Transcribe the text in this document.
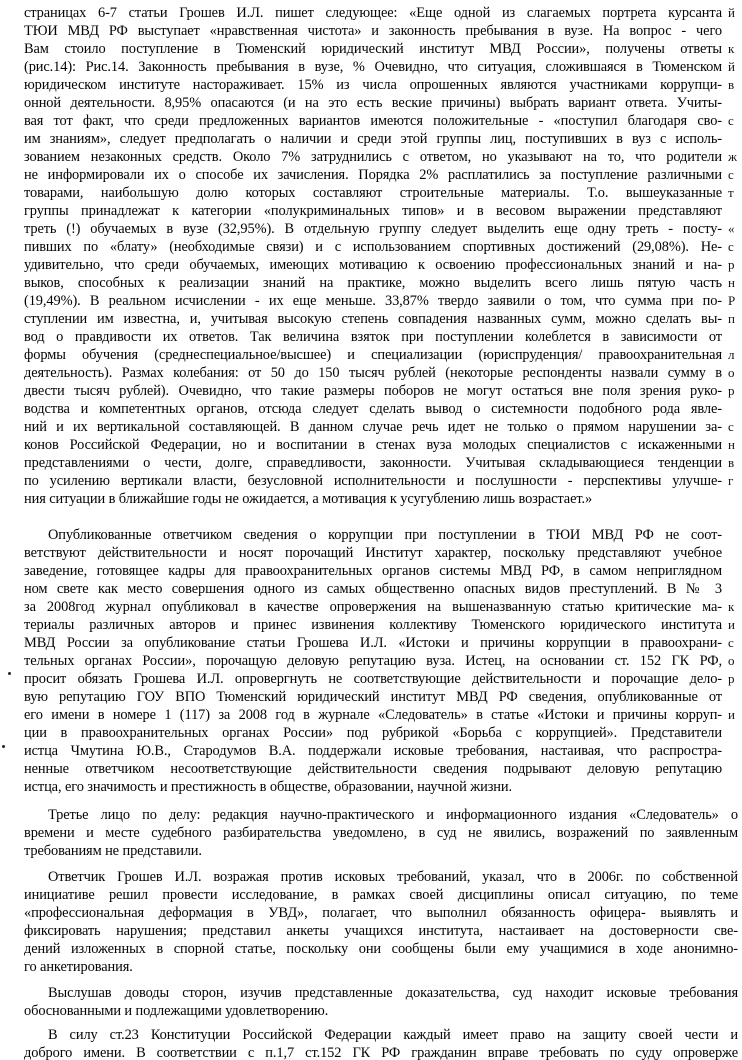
страницах 6-7 статьи Грошев И.Л. пишет следующее: «Еще одной из слагаемых портрета курсанта
ТЮИ МВД РФ выступает «нравственная чистота» и законность пребывания в вузе. На вопрос - чего
Вам стоило поступление в Тюменский юридический институт МВД России», получены ответы
(рис.14): Рис.14. Законность пребывания в вузе, % Очевидно, что ситуация, сложившаяся в Тюменском
юридическом институте настораживает. 15% из числа опрошенных являются участниками коррупци-
онной деятельности. 8,95% опасаются (и на это есть веские причины) выбрать вариант ответа. Учиты-
вая тот факт, что среди предложенных вариантов имеются положительные - «поступил благодаря сво-
им знаниям», следует предполагать о наличии и среди этой группы лиц, поступивших в вуз с исполь-
зованием незаконных средств. Около 7% затруднились с ответом, но указывают на то, что родители
не информировали их о способе их зачисления. Порядка 2% расплатились за поступление различными
товарами, наибольшую долю которых составляют строительные материалы. Т.о. вышеуказанные
группы принадлежат к категории «полукриминальных типов» и в весовом выражении представляют
треть (!) обучаемых в вузе (32,95%). В отдельную группу следует выделить еще одну треть - посту-
пивших по «блату» (необходимые связи) и с использованием спортивных достижений (29,08%). Не-
удивительно, что среди обучаемых, имеющих мотивацию к освоению профессиональных знаний и на-
выков, способных к реализации знаний на практике, можно выделить всего лишь пятую часть
(19,49%). В реальном исчислении - их еще меньше. 33,87% твердо заявили о том, что сумма при по-
ступлении им известна, и, учитывая высокую степень совпадения названных сумм, можно сделать вы-
вод о правдивости их ответов. Так величина взяток при поступлении колеблется в зависимости от
формы обучения (среднеспециальное/высшее) и специализации (юриспруденция/ правоохранительная
деятельность). Размах колебания: от 50 до 150 тысяч рублей (некоторые респонденты назвали сумму в
двести тысяч рублей). Очевидно, что такие размеры поборов не могут остаться вне поля зрения руко-
водства и компетентных органов, отсюда следует сделать вывод о системности подобного рода явле-
ний и их вертикальной составляющей. В данном случае речь идет не только о прямом нарушении за-
конов Российской Федерации, но и воспитании в стенах вуза молодых специалистов с искаженными
представлениями о чести, долге, справедливости, законности. Учитывая складывающиеся тенденции
по усилению вертикали власти, безусловной исполнительности и послушности - перспективы улучше-
ния ситуации в ближайшие годы не ожидается, а мотивация к усугублению лишь возрастает.»
Опубликованные ответчиком сведения о коррупции при поступлении в ТЮИ МВД РФ не соот-
ветствуют действительности и носят порочащий Институт характер, поскольку представляют учебное
заведение, готовящее кадры для правоохранительных органов системы МВД РФ, в самом неприглядном
ном свете как место совершения одного из самых общественно опасных видов преступлений. В № 3
за 2008год журнал опубликовал в качестве опровержения на вышеназванную статью критические ма-
териалы различных авторов и принес извинения коллективу Тюменского юридического института
МВД России за опубликование статьи Грошева И.Л. «Истоки и причины коррупции в правоохрани-
тельных органах России», порочащую деловую репутацию вуза. Истец, на основании ст. 152 ГК РФ,
просит обязать Грошева И.Л. опровергнуть не соответствующие действительности и порочащие дело-
вую репутацию ГОУ ВПО Тюменский юридический институт МВД РФ сведения, опубликованные от
его имени в номере 1 (117) за 2008 год в журнале «Следователь» в статье «Истоки и причины корруп-
ции в правоохранительных органах России» под рубрикой «Борьба с коррупцией». Представители
истца Чмутина Ю.В., Стародумов В.А. поддержали исковые требования, настаивая, что распростра-
ненные ответчиком несоответствующие действительности сведения подрывают деловую репутацию
истца, его значимость и престижность в обществе, образовании, научной жизни.
Третье лицо по делу: редакция научно-практического и информационного издания «Следователь» о
времени и месте судебного разбирательства уведомлено, в суд не явились, возражений по заявленным
требованиям не представили.
Ответчик Грошев И.Л. возражая против исковых требований, указал, что в 2006г. по собственной
инициативе решил провести исследование, в рамках своей дисциплины описал ситуацию, по теме
«профессиональная деформация в УВД», полагает, что выполнил обязанность офицера- выявлять и
фиксировать нарушения; представил анкеты учащихся института, настаивает на достоверности све-
дений изложенных в спорной статье, поскольку они сообщены были ему учащимися в ходе анонимно-
го анкетирования.
Выслушав доводы сторон, изучив представленные доказательства, суд находит исковые требования
обоснованными и подлежащими удовлетворению.
В силу ст.23 Конституции Российской Федерации каждый имеет право на защиту своей чести и
доброго имени. В соответствии с п.1,7 ст.152 ГК РФ гражданин вправе требовать по суду опроверже
й
к
й
в
с
ж
с
т
«
с
р
н
Р
п
л
о
р
с
н
в
г
к
и
с
о
р
и
